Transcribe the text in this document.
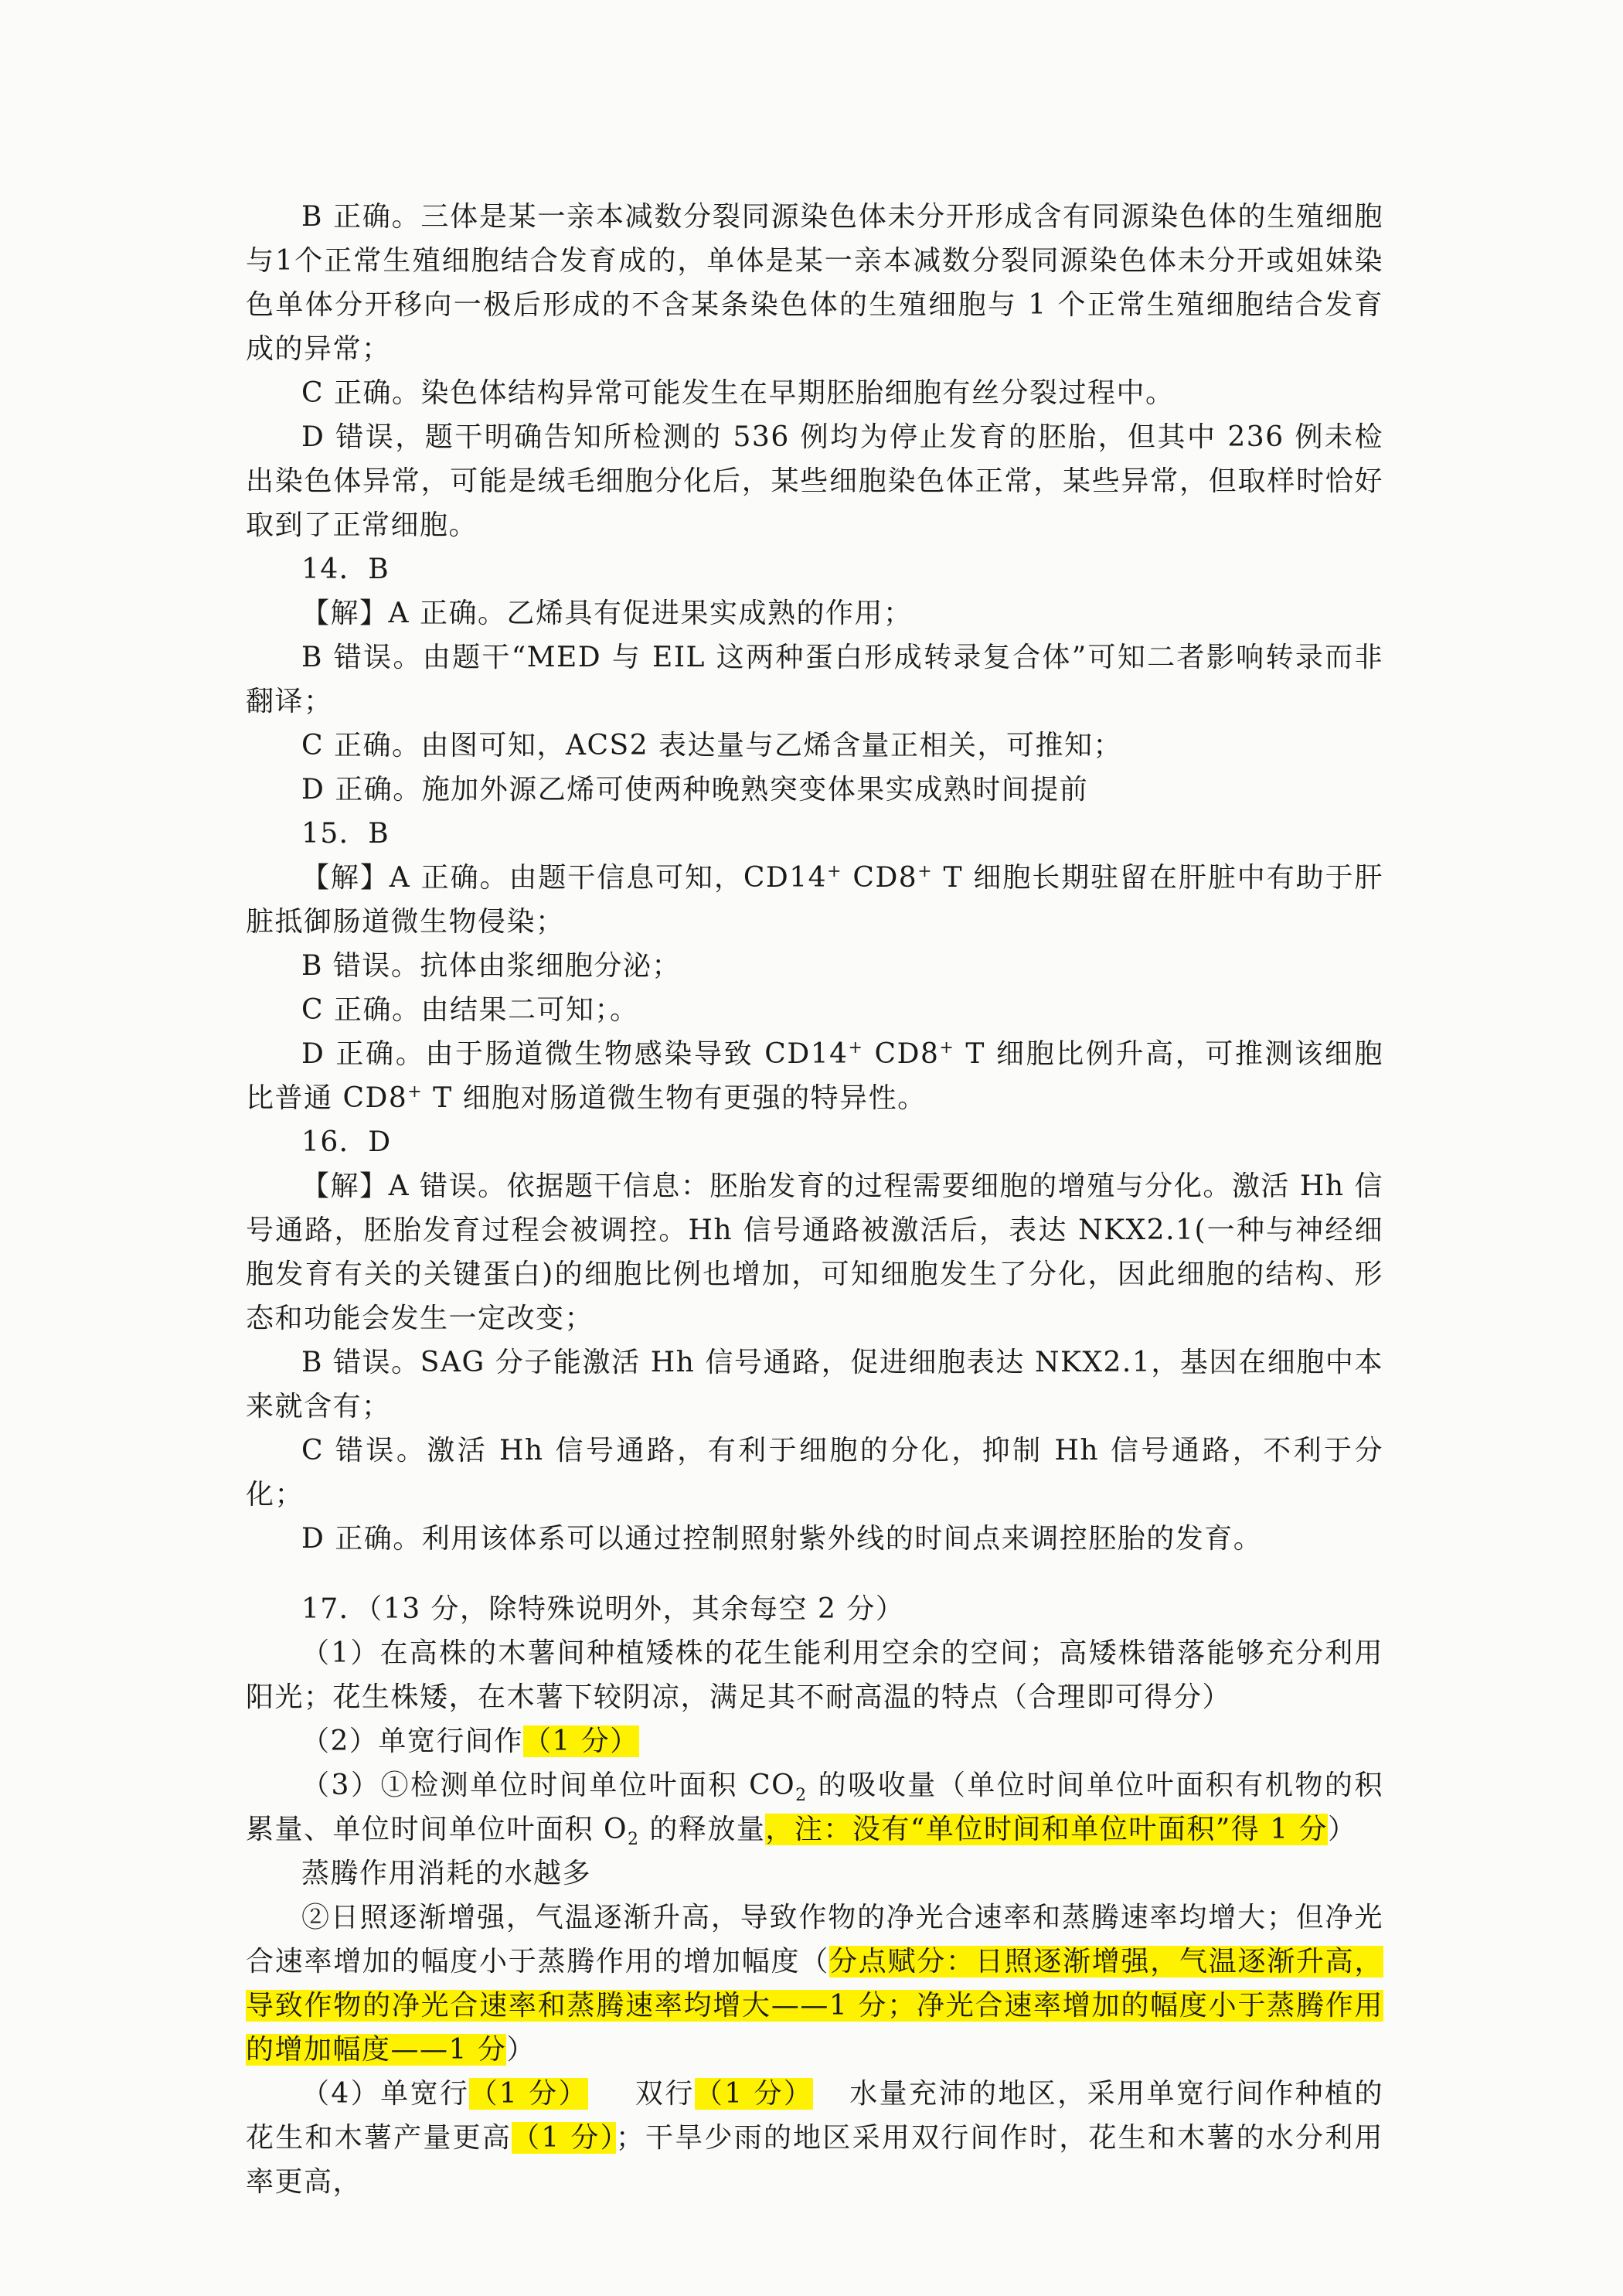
B 正确。三体是某一亲本减数分裂同源染色体未分开形成含有同源染色体的生殖细胞与1个正常生殖细胞结合发育成的，单体是某一亲本减数分裂同源染色体未分开或姐妹染色单体分开移向一极后形成的不含某条染色体的生殖细胞与 1 个正常生殖细胞结合发育成的异常；

C 正确。染色体结构异常可能发生在早期胚胎细胞有丝分裂过程中。

D 错误，题干明确告知所检测的 536 例均为停止发育的胚胎，但其中 236 例未检出染色体异常，可能是绒毛细胞分化后，某些细胞染色体正常，某些异常，但取样时恰好取到了正常细胞。

14．B

【解】A 正确。乙烯具有促进果实成熟的作用；

B 错误。由题干“MED 与 EIL 这两种蛋白形成转录复合体”可知二者影响转录而非翻译；

C 正确。由图可知，ACS2 表达量与乙烯含量正相关，可推知；

D 正确。施加外源乙烯可使两种晚熟突变体果实成熟时间提前

15．B

【解】A 正确。由题干信息可知，CD14+ CD8+ T 细胞长期驻留在肝脏中有助于肝脏抵御肠道微生物侵染；

B 错误。抗体由浆细胞分泌；

C 正确。由结果二可知；。

D 正确。由于肠道微生物感染导致 CD14+ CD8+ T 细胞比例升高，可推测该细胞比普通 CD8+ T 细胞对肠道微生物有更强的特异性。

16．D

【解】A 错误。依据题干信息：胚胎发育的过程需要细胞的增殖与分化。激活 Hh 信号通路，胚胎发育过程会被调控。Hh 信号通路被激活后，表达 NKX2.1(一种与神经细胞发育有关的关键蛋白)的细胞比例也增加，可知细胞发生了分化，因此细胞的结构、形态和功能会发生一定改变；

B 错误。SAG 分子能激活 Hh 信号通路，促进细胞表达 NKX2.1，基因在细胞中本来就含有；

C 错误。激活 Hh 信号通路，有利于细胞的分化，抑制 Hh 信号通路，不利于分化；

D 正确。利用该体系可以通过控制照射紫外线的时间点来调控胚胎的发育。

17．（13 分，除特殊说明外，其余每空 2 分）

（1）在高株的木薯间种植矮株的花生能利用空余的空间；高矮株错落能够充分利用阳光；花生株矮，在木薯下较阴凉，满足其不耐高温的特点（合理即可得分）

（2）单宽行间作（1 分）

（3）①检测单位时间单位叶面积 $CO_2$ 的吸收量（单位时间单位叶面积有机物的积累量、单位时间单位叶面积 $O_2$ 的释放量，注：没有“单位时间和单位叶面积”得 1 分）

蒸腾作用消耗的水越多

②日照逐渐增强，气温逐渐升高，导致作物的净光合速率和蒸腾速率均增大；但净光合速率增加的幅度小于蒸腾作用的增加幅度（分点赋分：日照逐渐增强，气温逐渐升高，导致作物的净光合速率和蒸腾速率均增大——1 分；净光合速率增加的幅度小于蒸腾作用的增加幅度——1 分）

（4）单宽行（1 分） 双行（1 分） 水量充沛的地区，采用单宽行间作种植的花生和木薯产量更高（1 分）；干旱少雨的地区采用双行间作时，花生和木薯的水分利用率更高，
